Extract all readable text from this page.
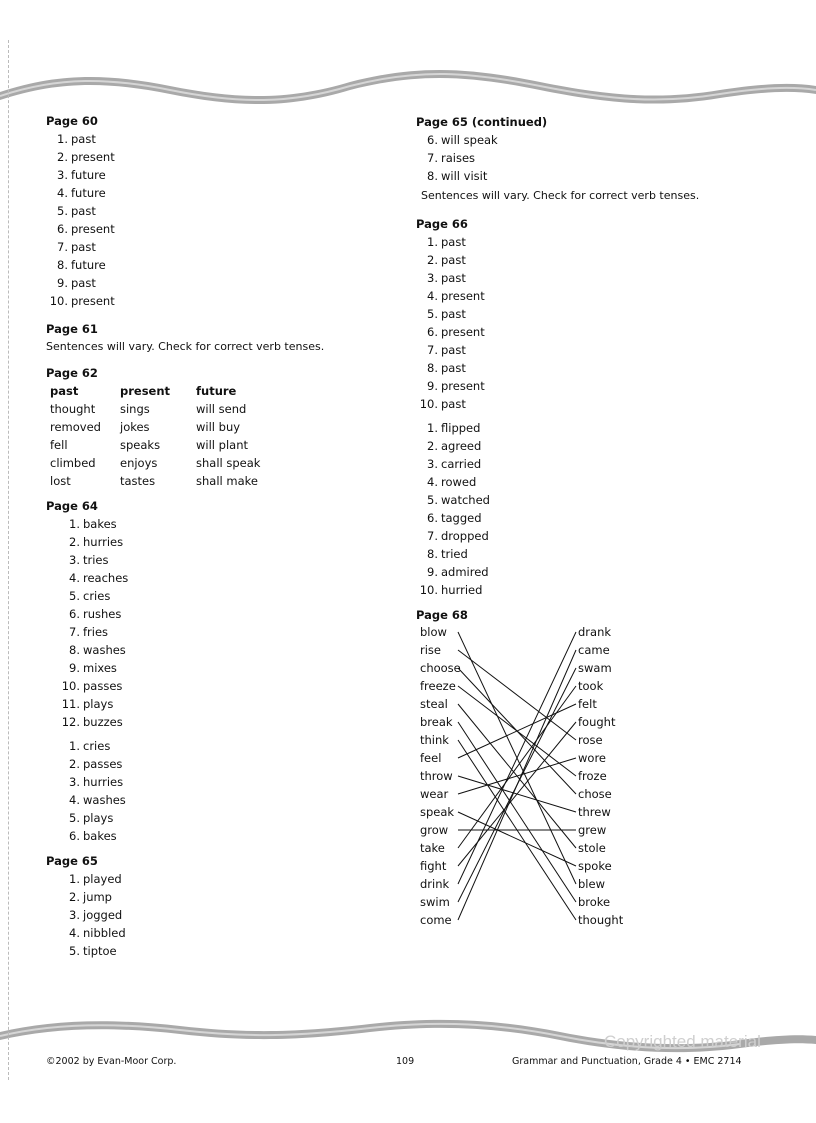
Page 60
1. past
2. present
3. future
4. future
5. past
6. present
7. past
8. future
9. past
10. present
Page 61
Sentences will vary. Check for correct verb tenses.
Page 62
past	present	future
thought	sings	will send
removed	jokes	will buy
fell	speaks	will plant
climbed	enjoys	shall speak
lost	tastes	shall make
Page 64
1. bakes
2. hurries
3. tries
4. reaches
5. cries
6. rushes
7. fries
8. washes
9. mixes
10. passes
11. plays
12. buzzes
1. cries
2. passes
3. hurries
4. washes
5. plays
6. bakes
Page 65
1. played
2. jump
3. jogged
4. nibbled
5. tiptoe
Page 65 (continued)
6. will speak
7. raises
8. will visit
Sentences will vary. Check for correct verb tenses.
Page 66
1. past
2. past
3. past
4. present
5. past
6. present
7. past
8. past
9. present
10. past
1. flipped
2. agreed
3. carried
4. rowed
5. watched
6. tagged
7. dropped
8. tried
9. admired
10. hurried
Page 68
blow
rise
choose
freeze
steal
break
think
feel
throw
wear
speak
grow
take
fight
drink
swim
come
drank
came
swam
took
felt
fought
rose
wore
froze
chose
threw
grew
stole
spoke
blew
broke
thought
©2002 by Evan-Moor Corp.	109	Grammar and Punctuation, Grade 4 • EMC 2714
Copyrighted material
